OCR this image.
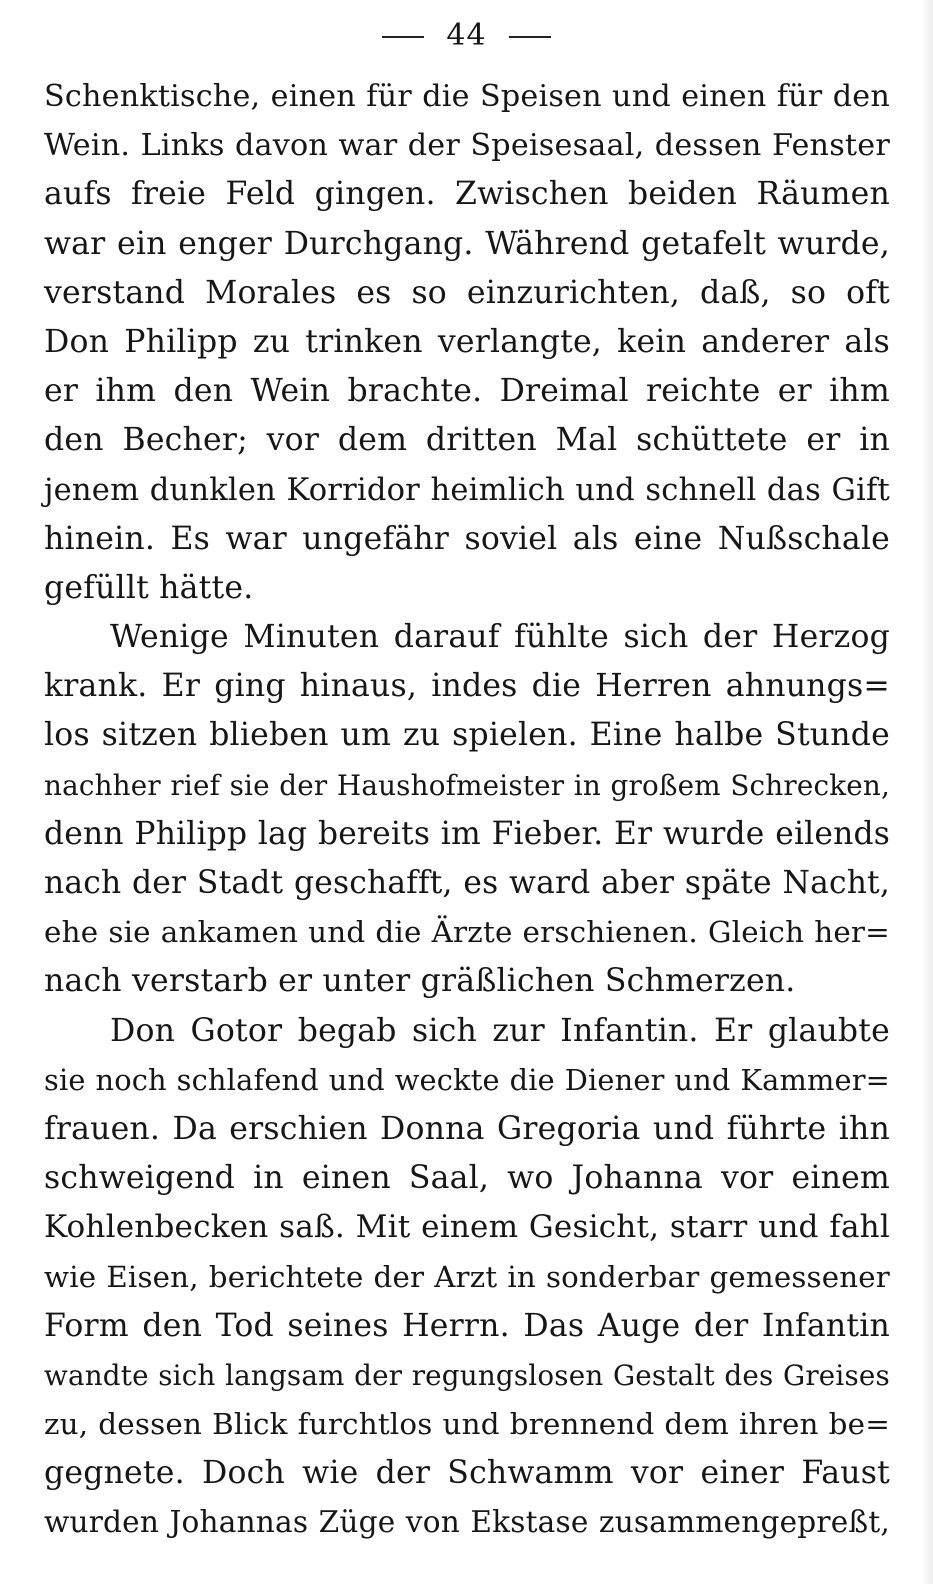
44
Schenktische, einen für die Speisen und einen für den
Wein. Links davon war der Speisesaal, dessen Fenster
aufs freie Feld gingen. Zwischen beiden Räumen
war ein enger Durchgang. Während getafelt wurde,
verstand Morales es so einzurichten, daß, so oft
Don Philipp zu trinken verlangte, kein anderer als
er ihm den Wein brachte. Dreimal reichte er ihm
den Becher; vor dem dritten Mal schüttete er in
jenem dunklen Korridor heimlich und schnell das Gift
hinein. Es war ungefähr soviel als eine Nußschale
gefüllt hätte.
Wenige Minuten darauf fühlte sich der Herzog
krank. Er ging hinaus, indes die Herren ahnungs=
los sitzen blieben um zu spielen. Eine halbe Stunde
nachher rief sie der Haushofmeister in großem Schrecken,
denn Philipp lag bereits im Fieber. Er wurde eilends
nach der Stadt geschafft, es ward aber späte Nacht,
ehe sie ankamen und die Ärzte erschienen. Gleich her=
nach verstarb er unter gräßlichen Schmerzen.
Don Gotor begab sich zur Infantin. Er glaubte
sie noch schlafend und weckte die Diener und Kammer=
frauen. Da erschien Donna Gregoria und führte ihn
schweigend in einen Saal, wo Johanna vor einem
Kohlenbecken saß. Mit einem Gesicht, starr und fahl
wie Eisen, berichtete der Arzt in sonderbar gemessener
Form den Tod seines Herrn. Das Auge der Infantin
wandte sich langsam der regungslosen Gestalt des Greises
zu, dessen Blick furchtlos und brennend dem ihren be=
gegnete. Doch wie der Schwamm vor einer Faust
wurden Johannas Züge von Ekstase zusammengepreßt,
